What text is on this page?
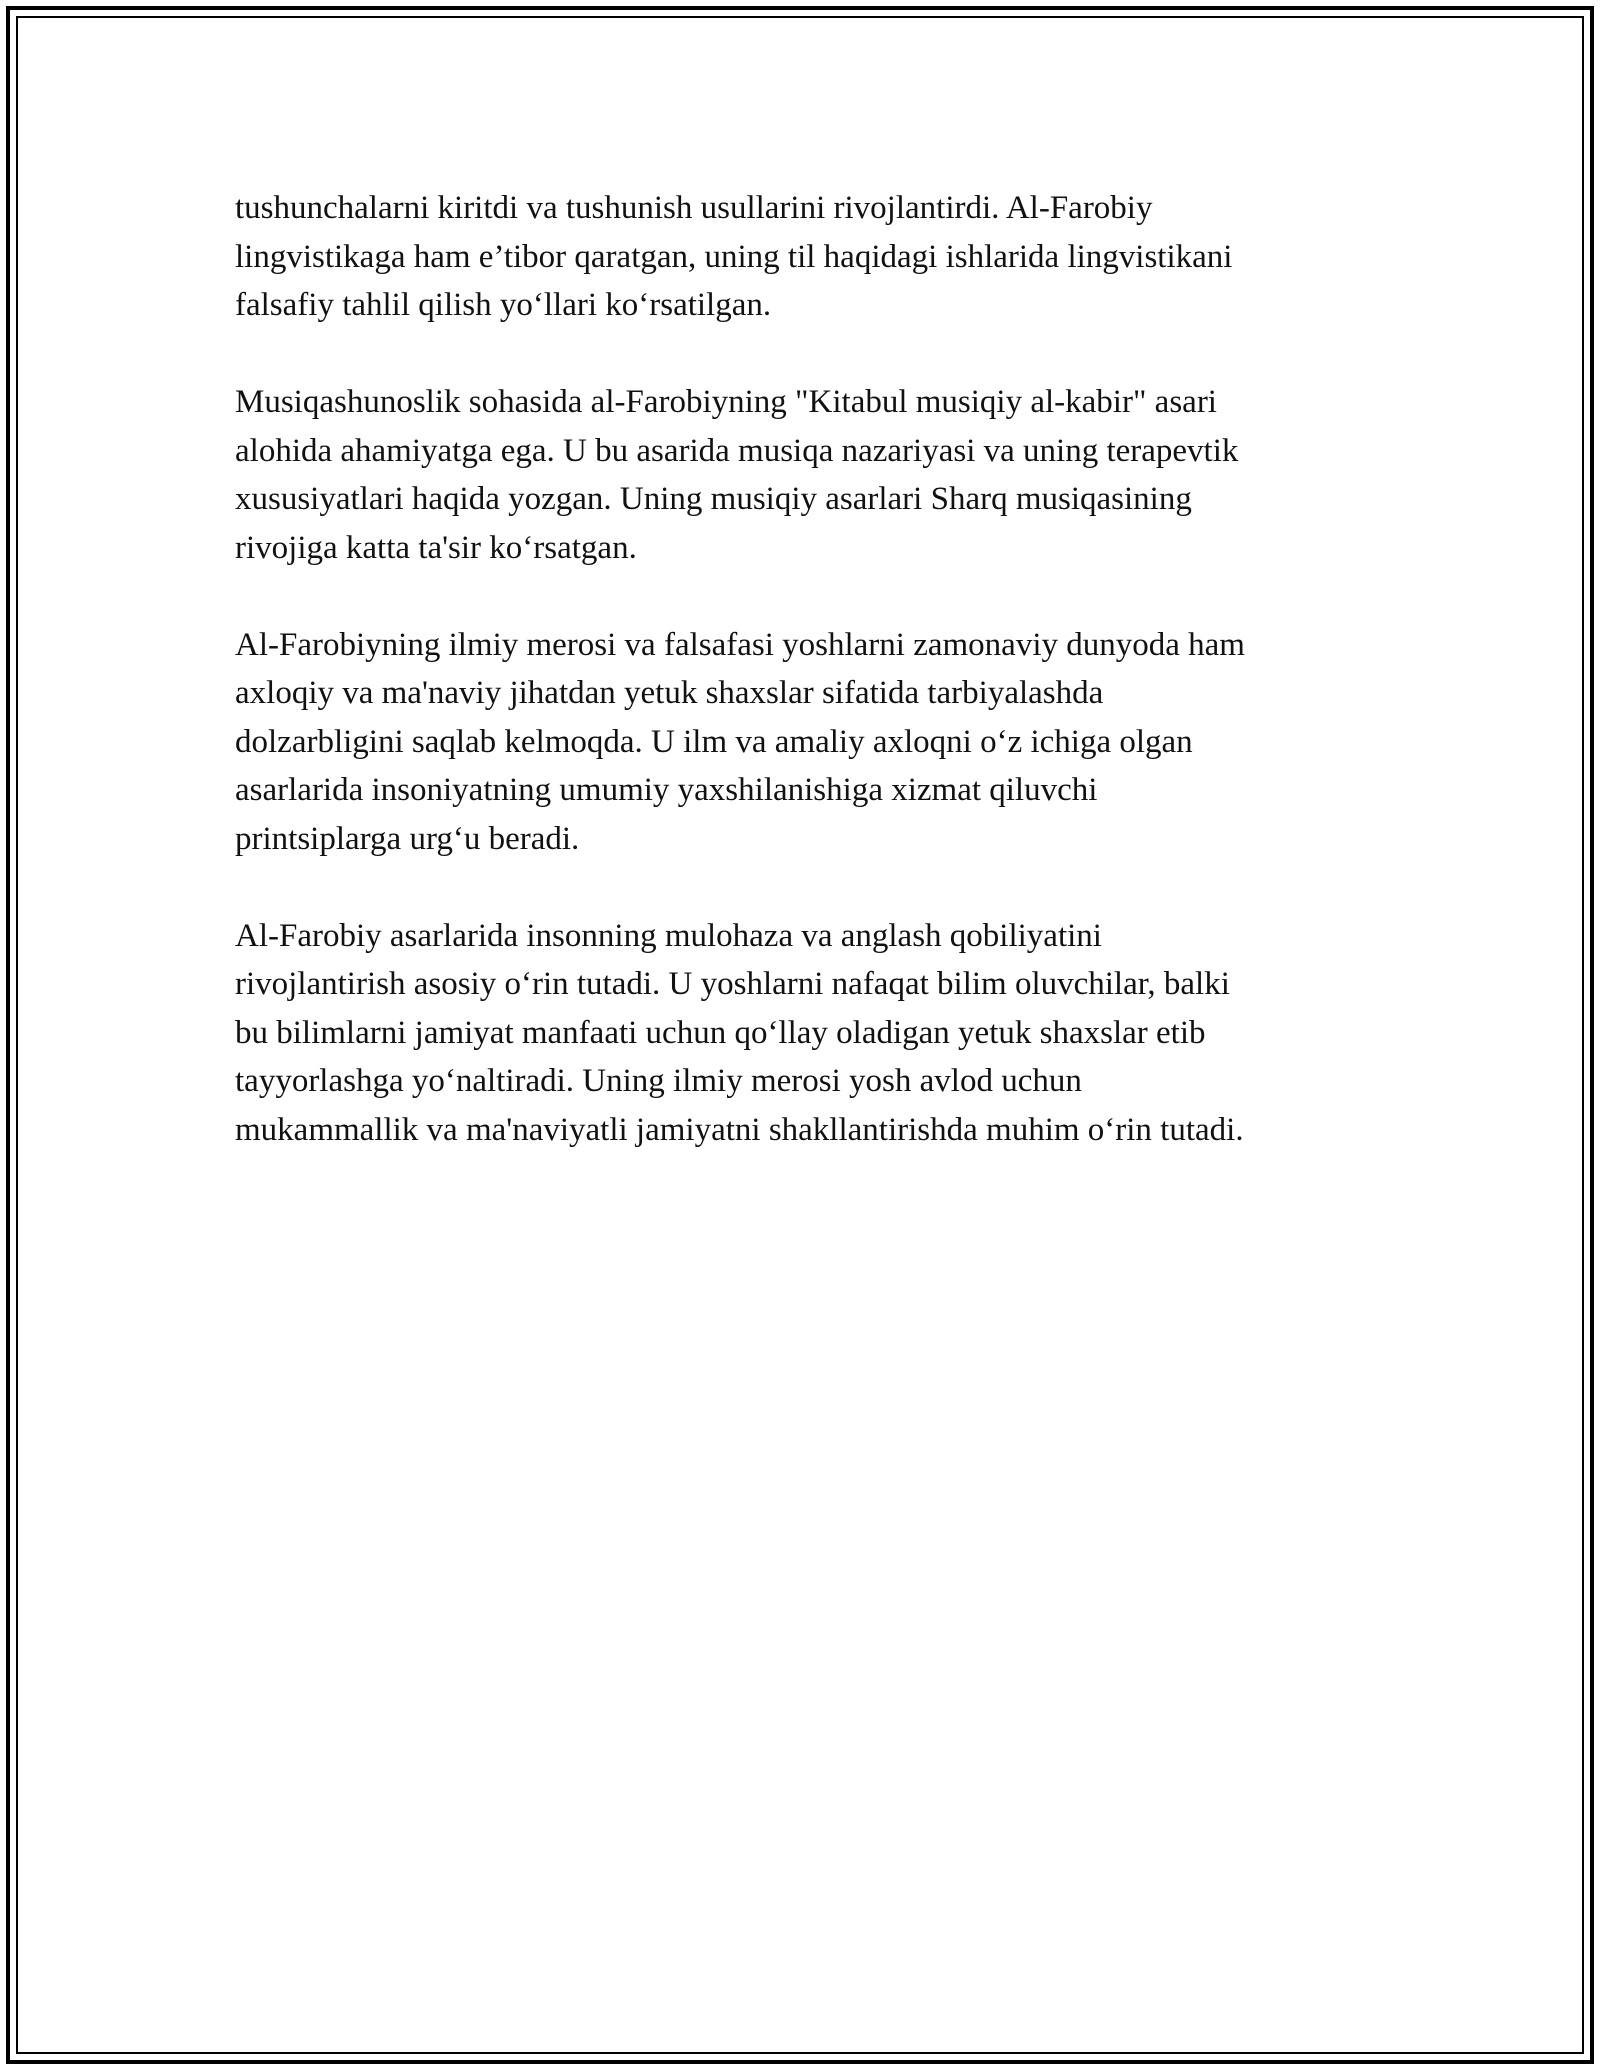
tushunchalarni kiritdi va tushunish usullarini rivojlantirdi. Al-Farobiy
lingvistikaga ham e’tibor qaratgan, uning til haqidagi ishlarida lingvistikani
falsafiy tahlil qilish yoʻllari koʻrsatilgan.

Musiqashunoslik sohasida al-Farobiyning "Kitabul musiqiy al-kabir" asari
alohida ahamiyatga ega. U bu asarida musiqa nazariyasi va uning terapevtik
xususiyatlari haqida yozgan. Uning musiqiy asarlari Sharq musiqasining
rivojiga katta ta'sir koʻrsatgan.

Al-Farobiyning ilmiy merosi va falsafasi yoshlarni zamonaviy dunyoda ham
axloqiy va ma'naviy jihatdan yetuk shaxslar sifatida tarbiyalashda
dolzarbligini saqlab kelmoqda. U ilm va amaliy axloqni oʻz ichiga olgan
asarlarida insoniyatning umumiy yaxshilanishiga xizmat qiluvchi
printsiplarga urgʻu beradi.

Al-Farobiy asarlarida insonning mulohaza va anglash qobiliyatini
rivojlantirish asosiy oʻrin tutadi. U yoshlarni nafaqat bilim oluvchilar, balki
bu bilimlarni jamiyat manfaati uchun qoʻllay oladigan yetuk shaxslar etib
tayyorlashga yoʻnaltiradi. Uning ilmiy merosi yosh avlod uchun
mukammallik va ma'naviyatli jamiyatni shakllantirishda muhim oʻrin tutadi.
